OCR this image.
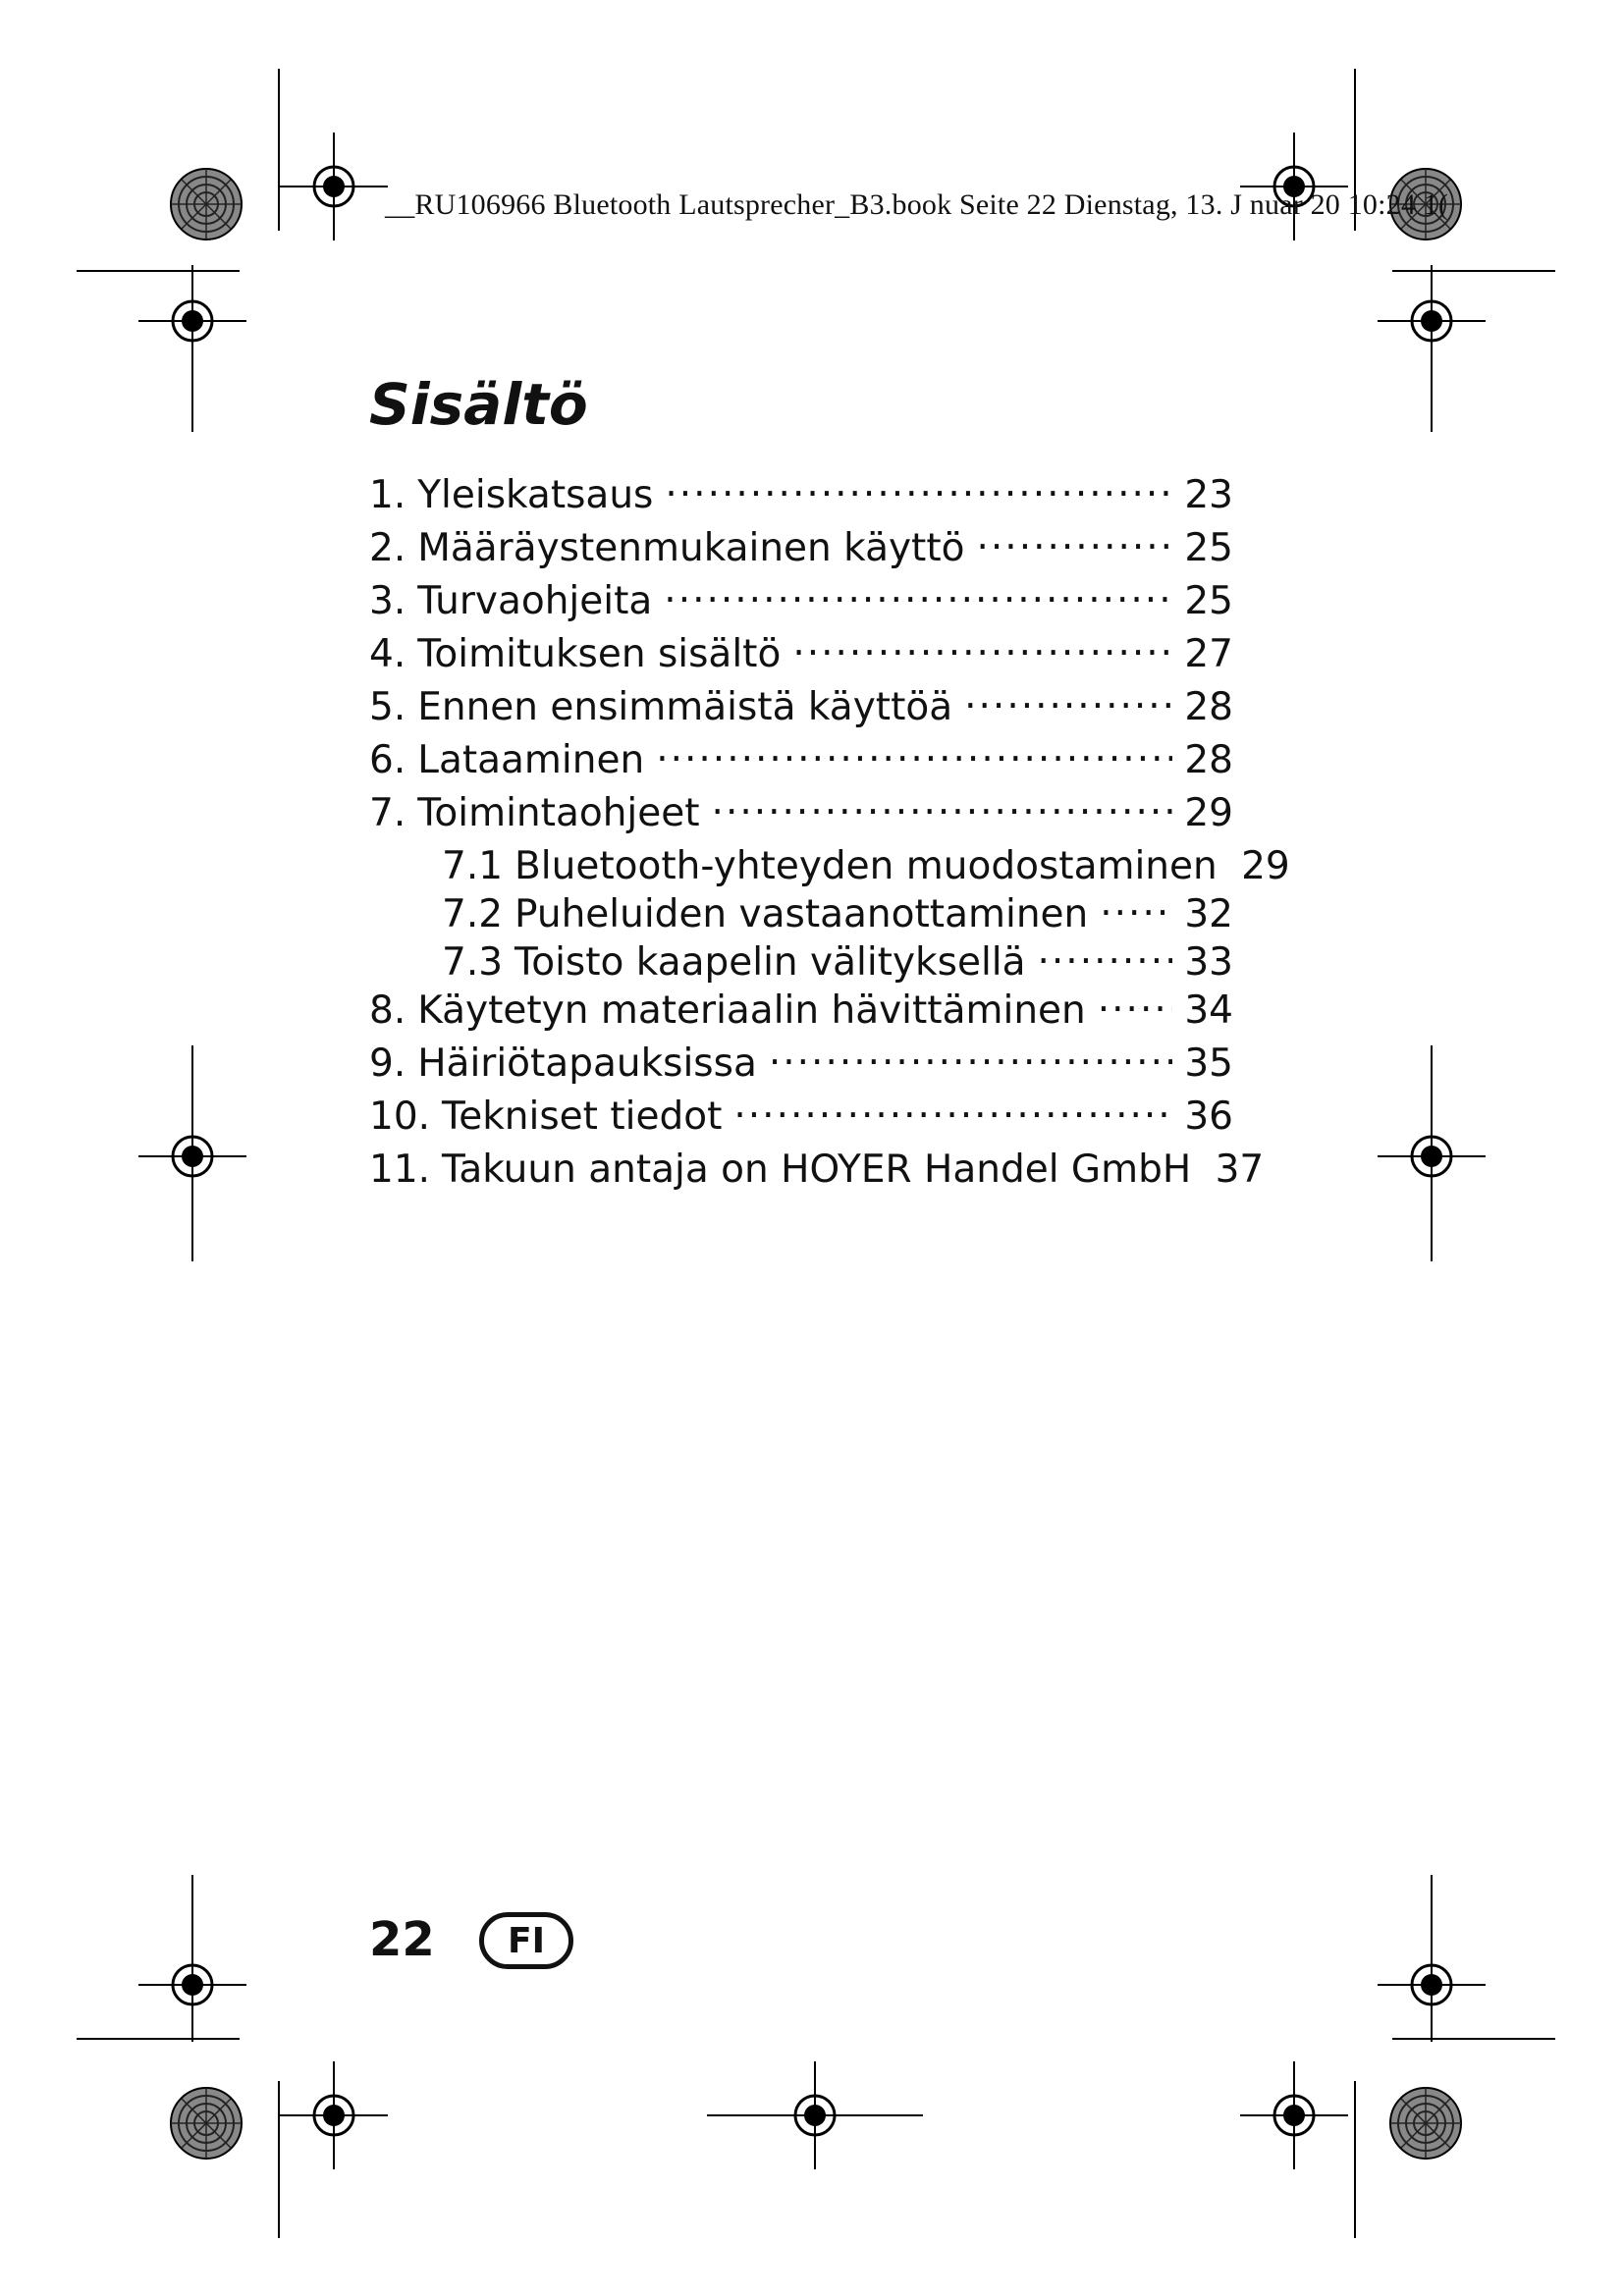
__RU106966 Bluetooth Lautsprecher_B3.book Seite 22 Dienstag, 13. J nuar 20 10:24 1(
Sisältö
1. Yleiskatsaus .....	23
2. Määräystenmukainen käyttö .....	25
3. Turvaohjeita .....	25
4. Toimituksen sisältö .....	27
5. Ennen ensimmäistä käyttöä .....	28
6. Lataaminen .....	28
7. Toimintaohjeet .....	29
7.1 Bluetooth-yhteyden muodostaminen 29
7.2 Puheluiden vastaanottaminen .....	32
7.3 Toisto kaapelin välityksellä .....	33
8. Käytetyn materiaalin hävittäminen .....	34
9. Häiriötapauksissa .....	35
10. Tekniset tiedot .....	36
11. Takuun antaja on HOYER Handel GmbH 37
22	FI
